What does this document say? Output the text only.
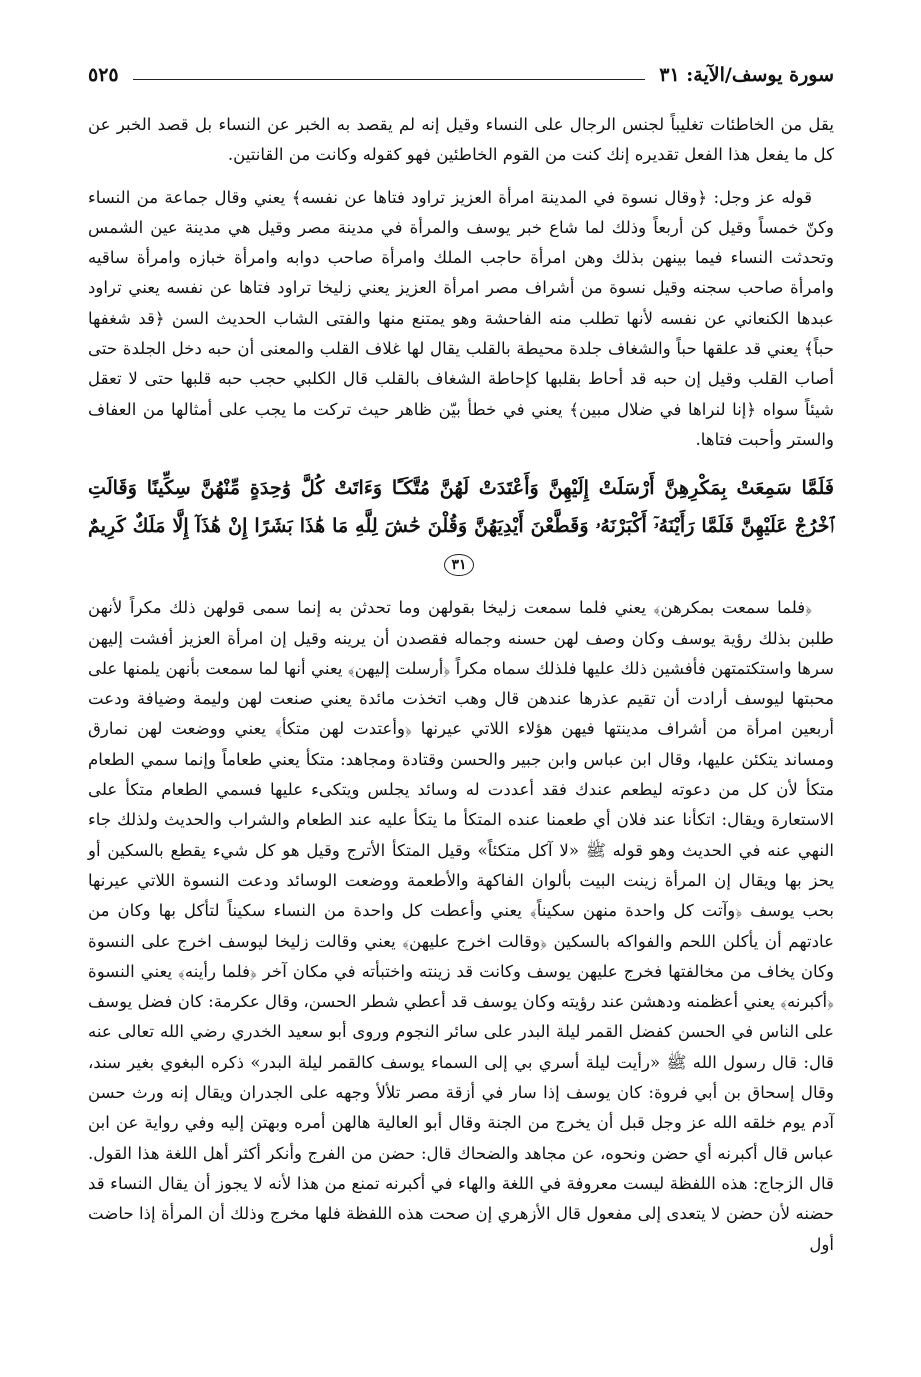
سورة يوسف/الآية: ٣١
٥٢٥

يقل من الخاطئات تغليباً لجنس الرجال على النساء وقيل إنه لم يقصد به الخبر عن النساء بل قصد الخبر عن كل ما يفعل هذا الفعل تقديره إنك كنت من القوم الخاطئين فهو كقوله وكانت من القانتين.

قوله عز وجل: ﴿وقال نسوة في المدينة امرأة العزيز تراود فتاها عن نفسه﴾ يعني وقال جماعة من النساء وكنّ خمساً وقيل كن أربعاً وذلك لما شاع خبر يوسف والمرأة في مدينة مصر وقيل هي مدينة عين الشمس وتحدثت النساء فيما بينهن بذلك وهن امرأة حاجب الملك وامرأة صاحب دوابه وامرأة خبازه وامرأة ساقيه وامرأة صاحب سجنه وقيل نسوة من أشراف مصر امرأة العزيز يعني زليخا تراود فتاها عن نفسه يعني تراود عبدها الكنعاني عن نفسه لأنها تطلب منه الفاحشة وهو يمتنع منها والفتى الشاب الحديث السن ﴿قد شغفها حباً﴾ يعني قد علقها حباً والشغاف جلدة محيطة بالقلب يقال لها غلاف القلب والمعنى أن حبه دخل الجلدة حتى أصاب القلب وقيل إن حبه قد أحاط بقلبها كإحاطة الشغاف بالقلب قال الكلبي حجب حبه قلبها حتى لا تعقل شيئاً سواه ﴿إنا لنراها في ضلال مبين﴾ يعني في خطأ بيّن ظاهر حيث تركت ما يجب على أمثالها من العفاف والستر وأحبت فتاها.

فَلَمَّا سَمِعَتْ بِمَكْرِهِنَّ أَرْسَلَتْ إِلَيْهِنَّ وَأَعْتَدَتْ لَهُنَّ مُتَّكَـًٔا وَءَاتَتْ كُلَّ وَٰحِدَةٍ مِّنْهُنَّ سِكِّينًا وَقَالَتِ ٱخْرُجْ عَلَيْهِنَّ فَلَمَّا رَأَيْنَهُۥٓ أَكْبَرْنَهُۥ وَقَطَّعْنَ أَيْدِيَهُنَّ وَقُلْنَ حَٰشَ لِلَّهِ مَا هَٰذَا بَشَرًا إِنْ هَٰذَآ إِلَّا مَلَكٌ كَرِيمٌ ٣١

﴿فلما سمعت بمكرهن﴾ يعني فلما سمعت زليخا بقولهن وما تحدثن به إنما سمى قولهن ذلك مكراً لأنهن طلبن بذلك رؤية يوسف وكان وصف لهن حسنه وجماله فقصدن أن يرينه وقيل إن امرأة العزيز أفشت إليهن سرها واستكتمتهن فأفشين ذلك عليها فلذلك سماه مكراً ﴿أرسلت إليهن﴾ يعني أنها لما سمعت بأنهن يلمنها على محبتها ليوسف أرادت أن تقيم عذرها عندهن قال وهب اتخذت مائدة يعني صنعت لهن وليمة وضيافة ودعت أربعين امرأة من أشراف مدينتها فيهن هؤلاء اللاتي عيرنها ﴿وأعتدت لهن متكأ﴾ يعني ووضعت لهن نمارق ومساند يتكئن عليها، وقال ابن عباس وابن جبير والحسن وقتادة ومجاهد: متكأ يعني طعاماً وإنما سمي الطعام متكأ لأن كل من دعوته ليطعم عندك فقد أعددت له وسائد يجلس ويتكىء عليها فسمي الطعام متكأ على الاستعارة ويقال: اتكأنا عند فلان أي طعمنا عنده المتكأ ما يتكأ عليه عند الطعام والشراب والحديث ولذلك جاء النهي عنه في الحديث وهو قوله ﷺ «لا آكل متكئاً» وقيل المتكأ الأترج وقيل هو كل شيء يقطع بالسكين أو يحز بها ويقال إن المرأة زينت البيت بألوان الفاكهة والأطعمة ووضعت الوسائد ودعت النسوة اللاتي عيرنها بحب يوسف ﴿وآتت كل واحدة منهن سكيناً﴾ يعني وأعطت كل واحدة من النساء سكيناً لتأكل بها وكان من عادتهم أن يأكلن اللحم والفواكه بالسكين ﴿وقالت اخرج عليهن﴾ يعني وقالت زليخا ليوسف اخرج على النسوة وكان يخاف من مخالفتها فخرج عليهن يوسف وكانت قد زينته واختبأته في مكان آخر ﴿فلما رأينه﴾ يعني النسوة ﴿أكبرنه﴾ يعني أعظمنه ودهشن عند رؤيته وكان يوسف قد أعطي شطر الحسن، وقال عكرمة: كان فضل يوسف على الناس في الحسن كفضل القمر ليلة البدر على سائر النجوم وروى أبو سعيد الخدري رضي الله تعالى عنه قال: قال رسول الله ﷺ «رأيت ليلة أسري بي إلى السماء يوسف كالقمر ليلة البدر» ذكره البغوي بغير سند، وقال إسحاق بن أبي فروة: كان يوسف إذا سار في أزقة مصر تلألأ وجهه على الجدران ويقال إنه ورث حسن آدم يوم خلقه الله عز وجل قبل أن يخرج من الجنة وقال أبو العالية هالهن أمره وبهتن إليه وفي رواية عن ابن عباس قال أكبرنه أي حضن ونحوه، عن مجاهد والضحاك قال: حضن من الفرج وأنكر أكثر أهل اللغة هذا القول. قال الزجاج: هذه اللفظة ليست معروفة في اللغة والهاء في أكبرنه تمنع من هذا لأنه لا يجوز أن يقال النساء قد حضنه لأن حضن لا يتعدى إلى مفعول قال الأزهري إن صحت هذه اللفظة فلها مخرج وذلك أن المرأة إذا حاضت أول
